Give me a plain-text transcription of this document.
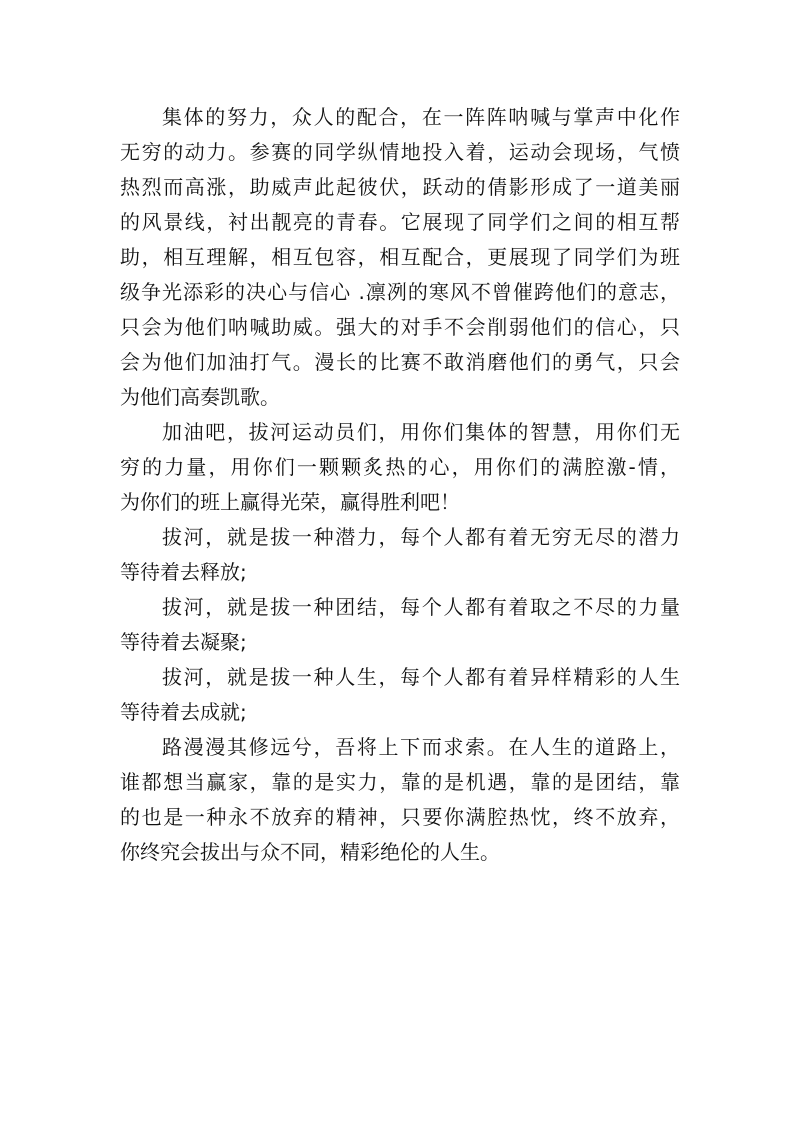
集体的努力，众人的配合，在一阵阵呐喊与掌声中化作
无穷的动力。参赛的同学纵情地投入着，运动会现场，气愤
热烈而高涨，助威声此起彼伏，跃动的倩影形成了一道美丽
的风景线，衬出靓亮的青春。它展现了同学们之间的相互帮
助，相互理解，相互包容，相互配合，更展现了同学们为班
级争光添彩的决心与信心 .凛冽的寒风不曾催跨他们的意志，
只会为他们呐喊助威。强大的对手不会削弱他们的信心，只
会为他们加油打气。漫长的比赛不敢消磨他们的勇气，只会
为他们高奏凯歌。
加油吧，拔河运动员们，用你们集体的智慧，用你们无
穷的力量，用你们一颗颗炙热的心，用你们的满腔激-情，
为你们的班上赢得光荣，赢得胜利吧！
拔河，就是拔一种潜力，每个人都有着无穷无尽的潜力
等待着去释放;
拔河，就是拔一种团结，每个人都有着取之不尽的力量
等待着去凝聚;
拔河，就是拔一种人生，每个人都有着异样精彩的人生
等待着去成就;
路漫漫其修远兮，吾将上下而求索。在人生的道路上，
谁都想当赢家，靠的是实力，靠的是机遇，靠的是团结，靠
的也是一种永不放弃的精神，只要你满腔热忱，终不放弃，
你终究会拔出与众不同，精彩绝伦的人生。
